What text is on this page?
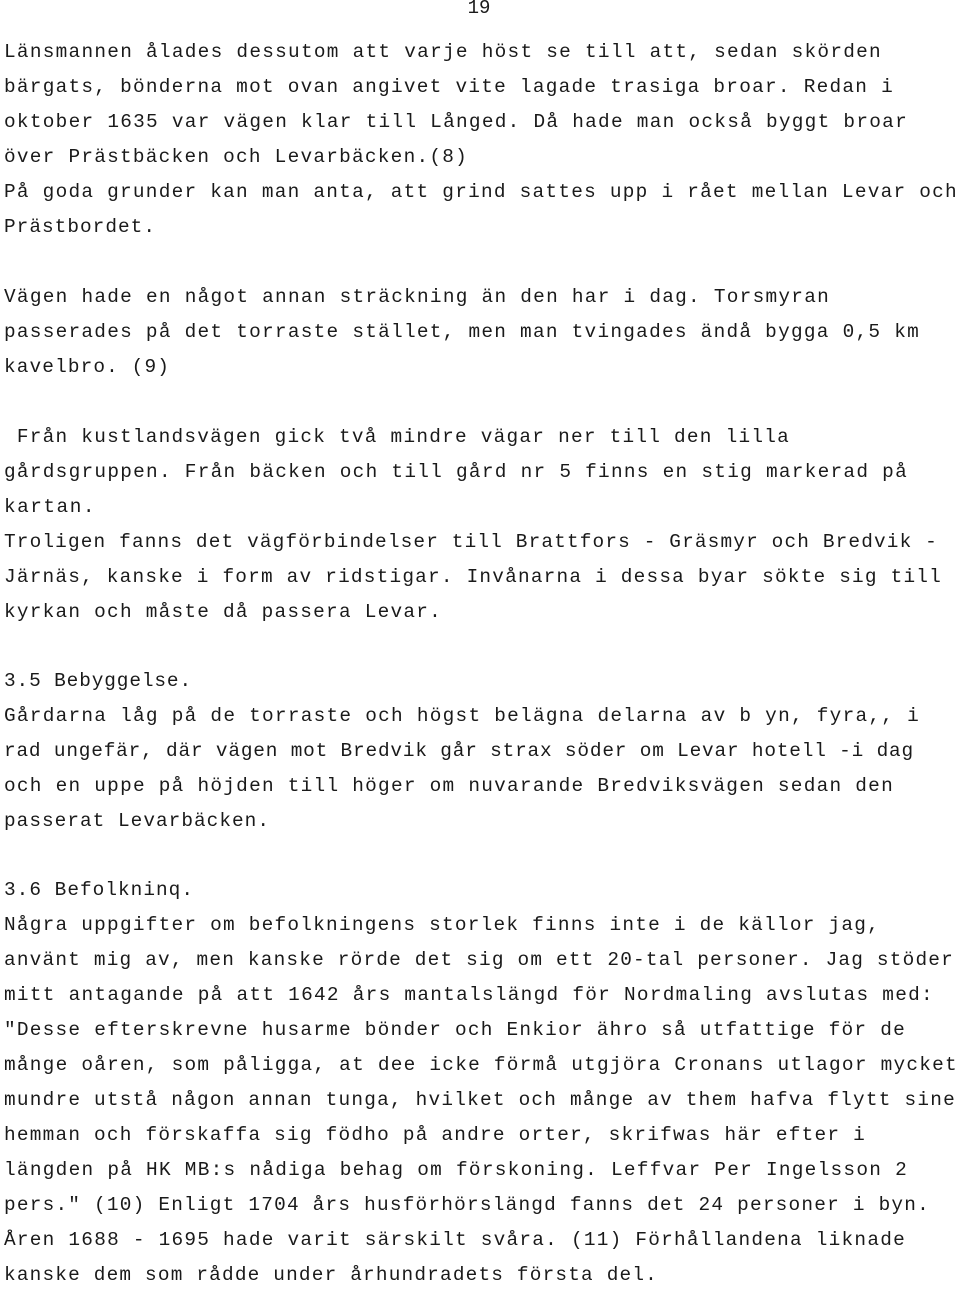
19
Länsmannen ålades dessutom att varje höst se till att, sedan skörden
bärgats, bönderna mot ovan angivet vite lagade trasiga broar. Redan i
oktober 1635 var vägen klar till Långed. Då hade man också byggt broar
över Prästbäcken och Levarbäcken.(8)
På goda grunder kan man anta, att grind sattes upp i rået mellan Levar och
Prästbordet.
Vägen hade en något annan sträckning än den har i dag. Torsmyran
passerades på det torraste stället, men man tvingades ändå bygga 0,5 km
kavelbro. (9)
Från kustlandsvägen gick två mindre vägar ner till den lilla
gårdsgruppen. Från bäcken och till gård nr 5 finns en stig markerad på
kartan.
Troligen fanns det vägförbindelser till Brattfors - Gräsmyr och Bredvik -
Järnäs, kanske i form av ridstigar. Invånarna i dessa byar sökte sig till
kyrkan och måste då passera Levar.
3.5 Bebyggelse.
Gårdarna låg på de torraste och högst belägna delarna av b yn, fyra,, i
rad ungefär, där vägen mot Bredvik går strax söder om Levar hotell -i dag
och en uppe på höjden till höger om nuvarande Bredviksvägen sedan den
passerat Levarbäcken.
3.6 Befolkninq.
Några uppgifter om befolkningens storlek finns inte i de källor jag,
använt mig av, men kanske rörde det sig om ett 20-tal personer. Jag stöder
mitt antagande på att 1642 års mantalslängd för Nordmaling avslutas med:
"Desse efterskrevne husarme bönder och Enkior ähro så utfattige för de
månge oåren, som påligga, at dee icke förmå utgjöra Cronans utlagor mycket
mundre utstå någon annan tunga, hvilket och månge av them hafva flytt sine
hemman och förskaffa sig födho på andre orter, skrifwas här efter i
längden på HK MB:s nådiga behag om förskoning. Leffvar Per Ingelsson 2
pers." (10) Enligt 1704 års husförhörslängd fanns det 24 personer i byn.
Åren 1688 - 1695 hade varit särskilt svåra. (11) Förhållandena liknade
kanske dem som rådde under århundradets första del.
